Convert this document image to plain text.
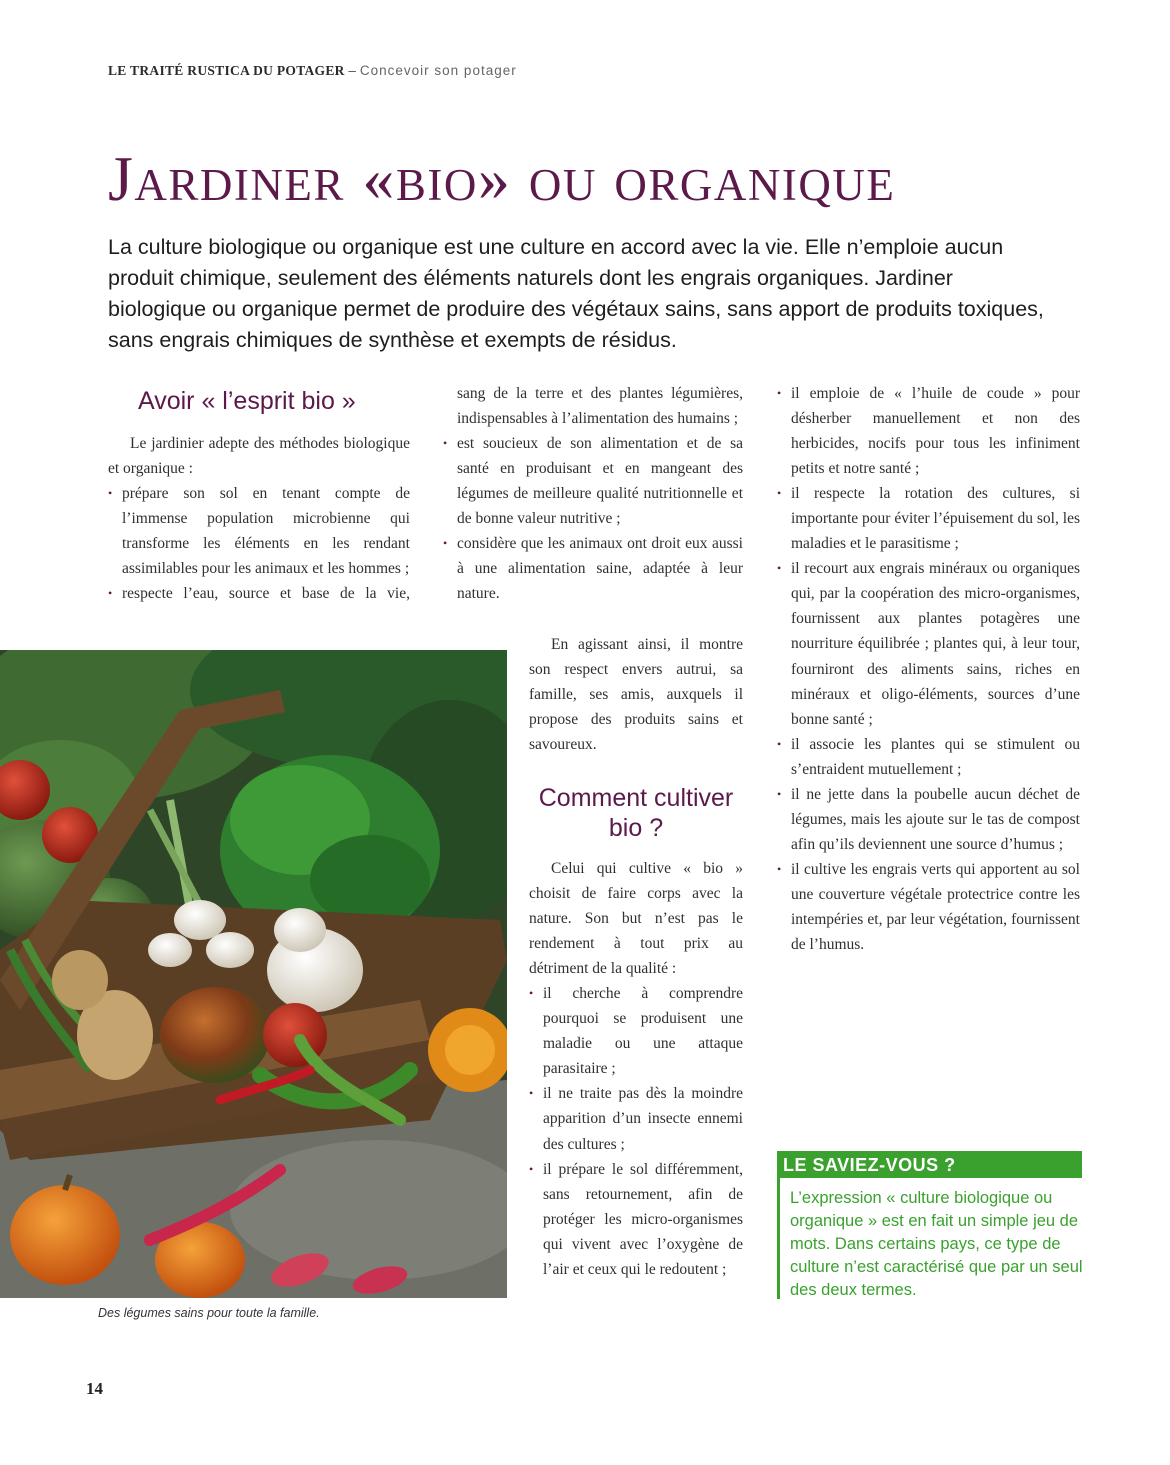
LE TRAITÉ RUSTICA DU POTAGER – Concevoir son potager
Jardiner «bio» ou organique
La culture biologique ou organique est une culture en accord avec la vie. Elle n’emploie aucun produit chimique, seulement des éléments naturels dont les engrais organiques. Jardiner biologique ou organique permet de produire des végétaux sains, sans apport de produits toxiques, sans engrais chimiques de synthèse et exempts de résidus.
Avoir « l’esprit bio »

Le jardinier adepte des méthodes biologique et organique :

• prépare son sol en tenant compte de l’immense population microbienne qui transforme les éléments en les rendant assimilables pour les animaux et les hommes ;
• respecte l’eau, source et base de la vie,
sang de la terre et des plantes légumières, indispensables à l’alimentation des humains ;
• est soucieux de son alimentation et de sa santé en produisant et en mangeant des légumes de meilleure qualité nutritionnelle et de bonne valeur nutritive ;
• considère que les animaux ont droit eux aussi à une alimentation saine, adaptée à leur nature.

En agissant ainsi, il montre son respect envers autrui, sa famille, ses amis, auxquels il propose des produits sains et savoureux.

Comment cultiver bio ?

Celui qui cultive « bio » choisit de faire corps avec la nature. Son but n’est pas le rendement à tout prix au détriment de la qualité :

• il cherche à comprendre pourquoi se produisent une maladie ou une attaque parasitaire ;
• il ne traite pas dès la moindre apparition d’un insecte ennemi des cultures ;
• il prépare le sol différemment, sans retournement, afin de protéger les micro-organismes qui vivent avec l’oxygène de l’air et ceux qui le redoutent ;
• il emploie de « l’huile de coude » pour désherber manuellement et non des herbicides, nocifs pour tous les infiniment petits et notre santé ;
• il respecte la rotation des cultures, si importante pour éviter l’épuisement du sol, les maladies et le parasitisme ;
• il recourt aux engrais minéraux ou organiques qui, par la coopération des micro-organismes, fournissent aux plantes potagères une nourriture équilibrée ; plantes qui, à leur tour, fourniront des aliments sains, riches en minéraux et oligo-éléments, sources d’une bonne santé ;
• il associe les plantes qui se stimulent ou s’entraident mutuellement ;
• il ne jette dans la poubelle aucun déchet de légumes, mais les ajoute sur le tas de compost afin qu’ils deviennent une source d’humus ;
• il cultive les engrais verts qui apportent au sol une couverture végétale protectrice contre les intempéries et, par leur végétation, fournissent de l’humus.
Des légumes sains pour toute la famille.
LE SAVIEZ-VOUS ?
L’expression « culture biologique ou organique » est en fait un simple jeu de mots. Dans certains pays, ce type de culture n’est caractérisé que par un seul des deux termes.
14
